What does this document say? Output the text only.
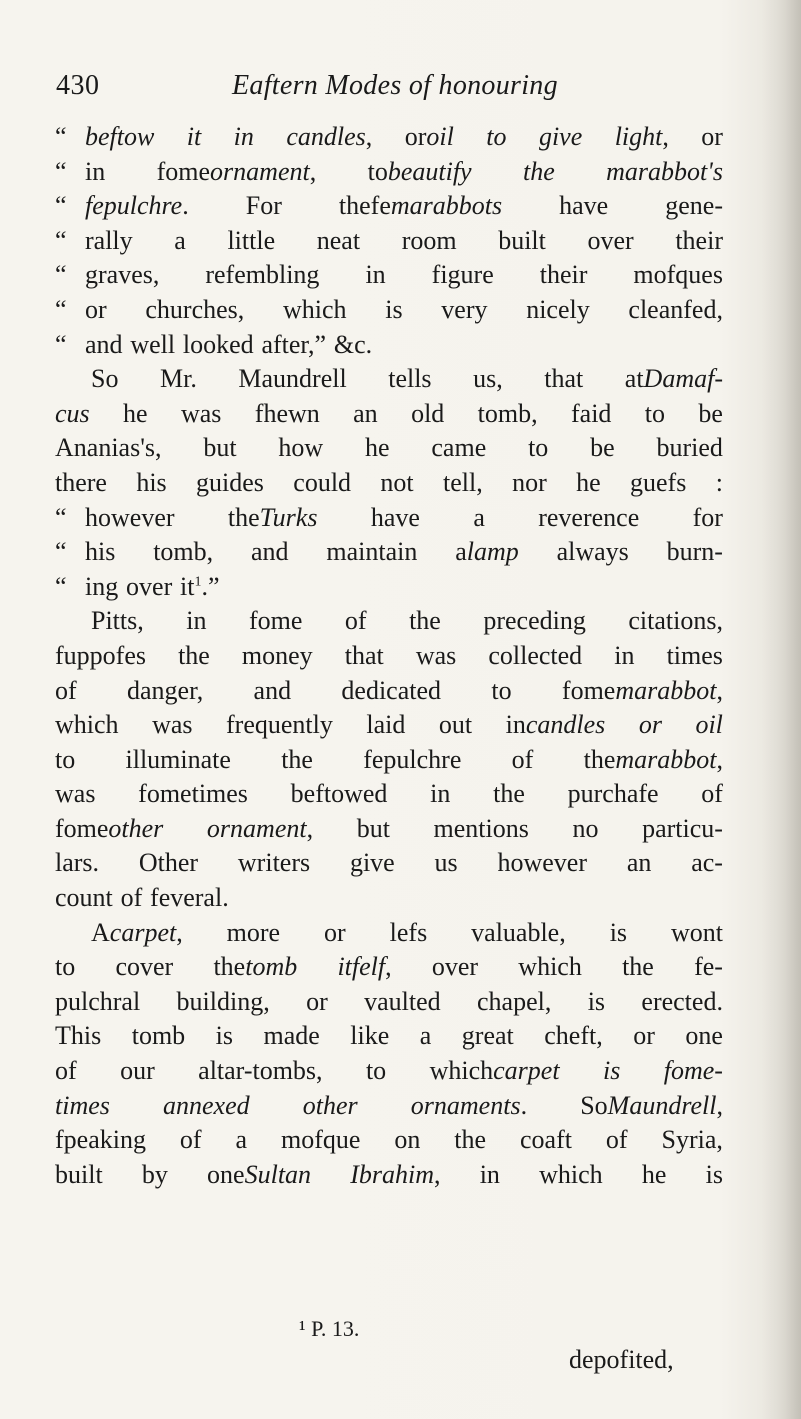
430	Eaftern Modes of honouring
“ beftow it in candles, oroil to give light, or
“ in fomeornament, tobeautify the marabbot's
“ fepulchre. For thefemarabbots have gene-
“ rally a little neat room built over their
“ graves, refembling in figure their mofques
“ or churches, which is very nicely cleanfed,
“ and well looked after,” &c.
So Mr. Maundrell tells us, that atDamaf-
cus he was fhewn an old tomb, faid to be
Ananias's, but how he came to be buried
there his guides could not tell, nor he guefs :
“ however theTurks have a reverence for
“ his tomb, and maintain alamp always burn-
“ ing over $it^1$.”
Pitts, in fome of the preceding citations,
fuppofes the money that was collected in times
of danger, and dedicated to fomemarabbot,
which was frequently laid out incandles or oil
to illuminate the fepulchre of themarabbot,
was fometimes beftowed in the purchafe of
fomeother ornament, but mentions no particu-
lars. Other writers give us however an ac-
count of feveral.
Acarpet, more or lefs valuable, is wont
to cover thetomb itfelf, over which the fe-
pulchral building, or vaulted chapel, is erected.
This tomb is made like a great cheft, or one
of our altar-tombs, to whichcarpet is fome-
times annexed other ornaments. SoMaundrell,
fpeaking of a mofque on the coaft of Syria,
built by oneSultan Ibrahim, in which he is
¹ P. 13.
depofited,
